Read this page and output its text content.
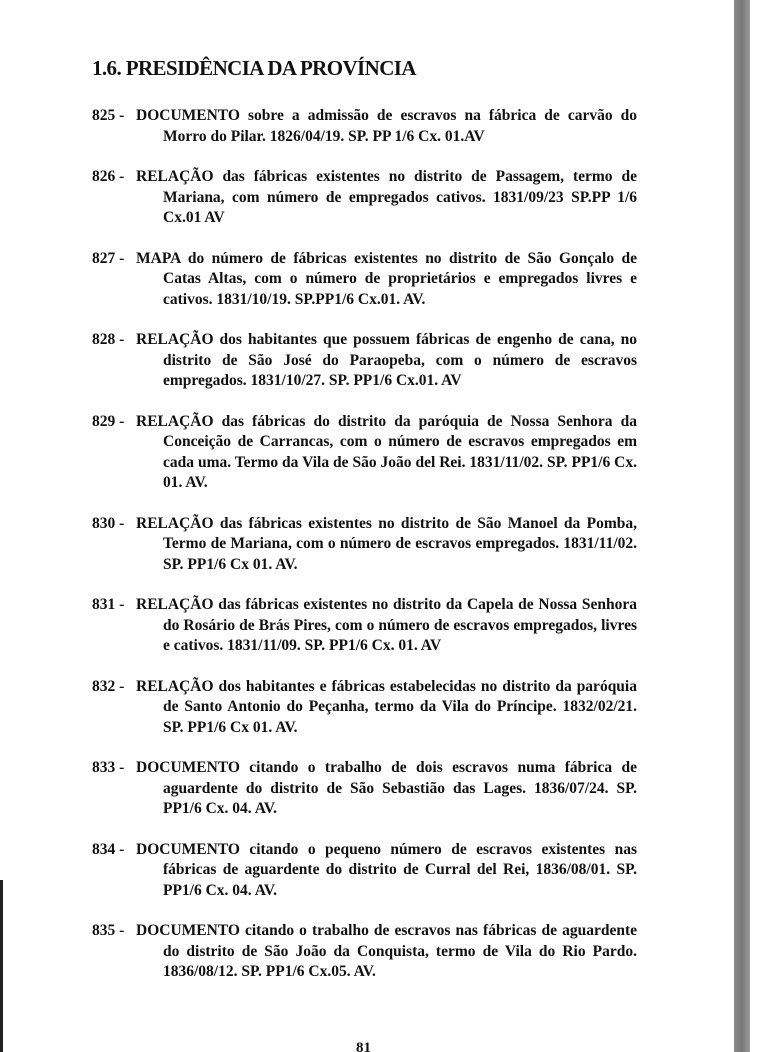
1.6. PRESIDÊNCIA DA PROVÍNCIA

825 - DOCUMENTO sobre a admissão de escravos na fábrica de carvão do Morro do Pilar. 1826/04/19. SP. PP 1/6 Cx. 01.AV

826 - RELAÇÃO das fábricas existentes no distrito de Passagem, termo de Mariana, com número de empregados cativos. 1831/09/23 SP.PP 1/6 Cx.01 AV

827 - MAPA do número de fábricas existentes no distrito de São Gonçalo de Catas Altas, com o número de proprietários e empregados livres e cativos. 1831/10/19. SP.PP1/6 Cx.01. AV.

828 - RELAÇÃO dos habitantes que possuem fábricas de engenho de cana, no distrito de São José do Paraopeba, com o número de escravos empregados. 1831/10/27. SP. PP1/6 Cx.01. AV

829 - RELAÇÃO das fábricas do distrito da paróquia de Nossa Senhora da Conceição de Carrancas, com o número de escravos empregados em cada uma. Termo da Vila de São João del Rei. 1831/11/02. SP. PP1/6 Cx. 01. AV.

830 - RELAÇÃO das fábricas existentes no distrito de São Manoel da Pomba, Termo de Mariana, com o número de escravos empregados. 1831/11/02. SP. PP1/6 Cx 01. AV.

831 - RELAÇÃO das fábricas existentes no distrito da Capela de Nossa Senhora do Rosário de Brás Pires, com o número de escravos empregados, livres e cativos. 1831/11/09. SP. PP1/6 Cx. 01. AV

832 - RELAÇÃO dos habitantes e fábricas estabelecidas no distrito da paróquia de Santo Antonio do Peçanha, termo da Vila do Príncipe. 1832/02/21. SP. PP1/6 Cx 01. AV.

833 - DOCUMENTO citando o trabalho de dois escravos numa fábrica de aguardente do distrito de São Sebastião das Lages. 1836/07/24. SP. PP1/6 Cx. 04. AV.

834 - DOCUMENTO citando o pequeno número de escravos existentes nas fábricas de aguardente do distrito de Curral del Rei, 1836/08/01. SP. PP1/6 Cx. 04. AV.

835 - DOCUMENTO citando o trabalho de escravos nas fábricas de aguardente do distrito de São João da Conquista, termo de Vila do Rio Pardo. 1836/08/12. SP. PP1/6 Cx.05. AV.

81
